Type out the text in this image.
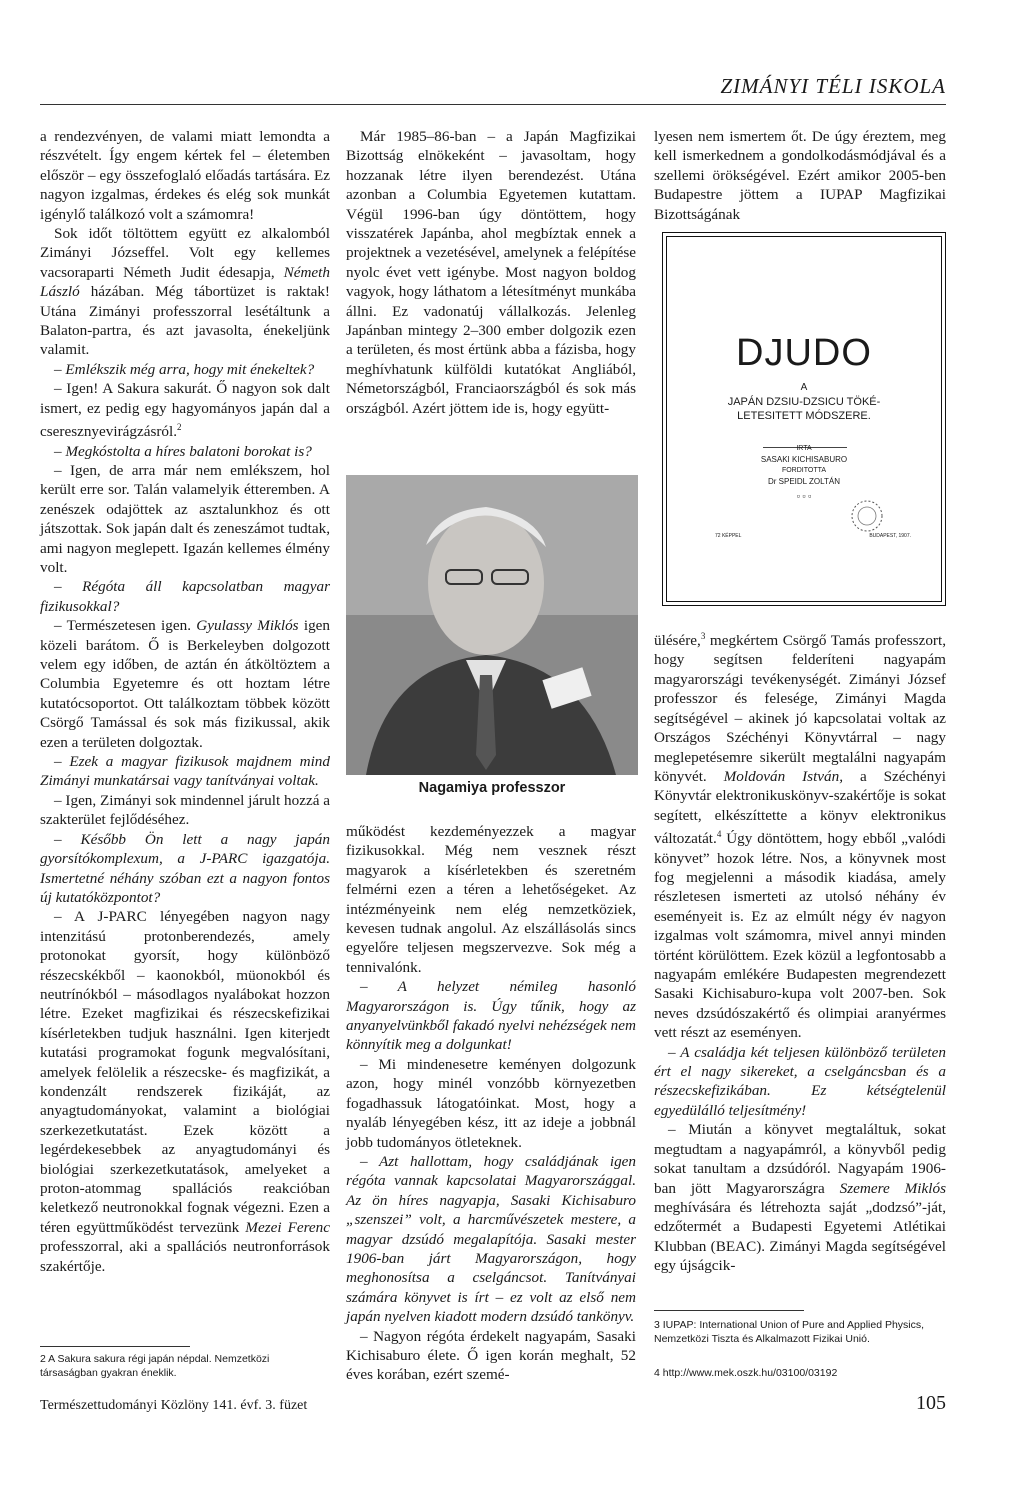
ZIMÁNYI TÉLI ISKOLA

a rendezvényen, de valami miatt lemondta a részvételt. Így engem kértek fel – életemben először – egy összefoglaló előadás tartására. Ez nagyon izgalmas, érdekes és elég sok munkát igénylő találkozó volt a számomra!

Sok időt töltöttem együtt ez alkalomból Zimányi Józseffel. Volt egy kellemes vacsoraparti Németh Judit édesapja, Németh László házában. Még tábortüzet is raktak! Utána Zimányi professzorral lesétáltunk a Balaton-partra, és azt javasolta, énekeljünk valamit.

– Emlékszik még arra, hogy mit énekeltek?

– Igen! A Sakura sakurát. Ő nagyon sok dalt ismert, ez pedig egy hagyományos japán dal a cseresznyevirágzásról.$^2$

– Megkóstolta a híres balatoni borokat is?

– Igen, de arra már nem emlékszem, hol került erre sor. Talán valamelyik étteremben. A zenészek odajöttek az asztalunkhoz és ott játszottak. Sok japán dalt és zeneszámot tudtak, ami nagyon meglepett. Igazán kellemes élmény volt.

– Régóta áll kapcsolatban magyar fizikusokkal?

– Természetesen igen. Gyulassy Miklós igen közeli barátom. Ő is Berkeleyben dolgozott velem egy időben, de aztán én átköltöztem a Columbia Egyetemre és ott hoztam létre kutatócsoportot. Ott találkoztam többek között Csörgő Tamással és sok más fizikussal, akik ezen a területen dolgoztak.

– Ezek a magyar fizikusok majdnem mind Zimányi munkatársai vagy tanítványai voltak.

– Igen, Zimányi sok mindennel járult hozzá a szakterület fejlődéséhez.

– Később Ön lett a nagy japán gyorsítókomplexum, a J-PARC igazgatója. Ismertetné néhány szóban ezt a nagyon fontos új kutatóközpontot?

– A J-PARC lényegében nagyon nagy intenzitású protonberendezés, amely protonokat gyorsít, hogy különböző részecskékből – kaonokból, müonokból és neutrínókból – másodlagos nyalábokat hozzon létre. Ezeket magfizikai és részecskefizikai kísérletekben tudjuk használni. Igen kiterjedt kutatási programokat fogunk megvalósítani, amelyek felölelik a részecske- és magfizikát, a kondenzált rendszerek fizikáját, az anyagtudományokat, valamint a biológiai szerkezetkutatást. Ezek között a legérdekesebbek az anyagtudományi és biológiai szerkezetkutatások, amelyeket a proton-atommag spallációs reakcióban keletkező neutronokkal fognak végezni. Ezen a téren együttműködést tervezünk Mezei Ferenc professzorral, aki a spallációs neutronforrások szakértője.

Már 1985–86-ban – a Japán Magfizikai Bizottság elnökeként – javasoltam, hogy hozzanak létre ilyen berendezést. Utána azonban a Columbia Egyetemen kutattam. Végül 1996-ban úgy döntöttem, hogy visszatérek Japánba, ahol megbíztak ennek a projektnek a vezetésével, amelynek a felépítése nyolc évet vett igénybe. Most nagyon boldog vagyok, hogy láthatom a létesítményt munkába állni. Ez vadonatúj vállalkozás. Jelenleg Japánban mintegy 2–300 ember dolgozik ezen a területen, és most értünk abba a fázisba, hogy meghívhatunk külföldi kutatókat Angliából, Németországból, Franciaországból és sok más országból. Azért jöttem ide is, hogy együtt-

Nagamiya professzor

működést kezdeményezzek a magyar fizikusokkal. Még nem vesznek részt magyarok a kísérletekben és szeretném felmérni ezen a téren a lehetőségeket. Az intézményeink nem elég nemzetköziek, kevesen tudnak angolul. Az elszállásolás sincs egyelőre teljesen megszervezve. Sok még a tennivalónk.

– A helyzet némileg hasonló Magyarországon is. Úgy tűnik, hogy az anyanyelvünkből fakadó nyelvi nehézségek nem könnyítik meg a dolgunkat!

– Mi mindenesetre keményen dolgozunk azon, hogy minél vonzóbb környezetben fogadhassuk látogatóinkat. Most, hogy a nyaláb lényegében kész, itt az ideje a jobbnál jobb tudományos ötleteknek.

– Azt hallottam, hogy családjának igen régóta vannak kapcsolatai Magyarországgal. Az ön híres nagyapja, Sasaki Kichisaburo „szenszei” volt, a harcművészetek mestere, a magyar dzsúdó megalapítója. Sasaki mester 1906-ban járt Magyarországon, hogy meghonosítsa a cselgáncsot. Tanítványai számára könyvet is írt – ez volt az első nem japán nyelven kiadott modern dzsúdó tankönyv.

– Nagyon régóta érdekelt nagyapám, Sasaki Kichisaburo élete. Ő igen korán meghalt, 52 éves korában, ezért szemé-

lyesen nem ismertem őt. De úgy éreztem, meg kell ismerkednem a gondolkodásmódjával és a szellemi örökségével. Ezért amikor 2005-ben Budapestre jöttem a IUPAP Magfizikai Bizottságának

DJUDO
A
JAPÁN DZSIU-DZSICU TÖKÉ-
LETESITETT MÓDSZERE.
IRTA
SASAKI KICHISABURO
FORDITOTTA
Dr SPEIDL ZOLTÁN
▫ ▫ ▫
72 KÉPPEL	BUDAPEST, 1907.

ülésére,$^3$ megkértem Csörgő Tamás professzort, hogy segítsen felderíteni nagyapám magyarországi tevékenységét. Zimányi József professzor és felesége, Zimányi Magda segítségével – akinek jó kapcsolatai voltak az Országos Széchényi Könyvtárral – nagy meglepetésemre sikerült megtalálni nagyapám könyvét. Moldován István, a Széchényi Könyvtár elektronikuskönyv-szakértője is sokat segített, elkészíttette a könyv elektronikus változatát.$^4$ Úgy döntöttem, hogy ebből „valódi könyvet” hozok létre. Nos, a könyvnek most fog megjelenni a második kiadása, amely részletesen ismerteti az utolsó néhány év eseményeit is. Ez az elmúlt négy év nagyon izgalmas volt számomra, mivel annyi minden történt körülöttem. Ezek közül a legfontosabb a nagyapám emlékére Budapesten megrendezett Sasaki Kichisaburo-kupa volt 2007-ben. Sok neves dzsúdószakértő és olimpiai aranyérmes vett részt az eseményen.

– A családja két teljesen különböző területen ért el nagy sikereket, a cselgáncsban és a részecskefizikában. Ez kétségtelenül egyedülálló teljesítmény!

– Miután a könyvet megtaláltuk, sokat megtudtam a nagyapámról, a könyvből pedig sokat tanultam a dzsúdóról. Nagyapám 1906-ban jött Magyarországra Szemere Miklós meghívására és létrehozta saját „dodzsó”-ját, edzőtermét a Budapesti Egyetemi Atlétikai Klubban (BEAC). Zimányi Magda segítségével egy újságcik-

2 A Sakura sakura régi japán népdal. Nemzetközi társaságban gyakran éneklik.
3 IUPAP: International Union of Pure and Applied Physics, Nemzetközi Tiszta és Alkalmazott Fizikai Unió.
4 http://www.mek.oszk.hu/03100/03192
Természettudományi Közlöny 141. évf. 3. füzet	105
